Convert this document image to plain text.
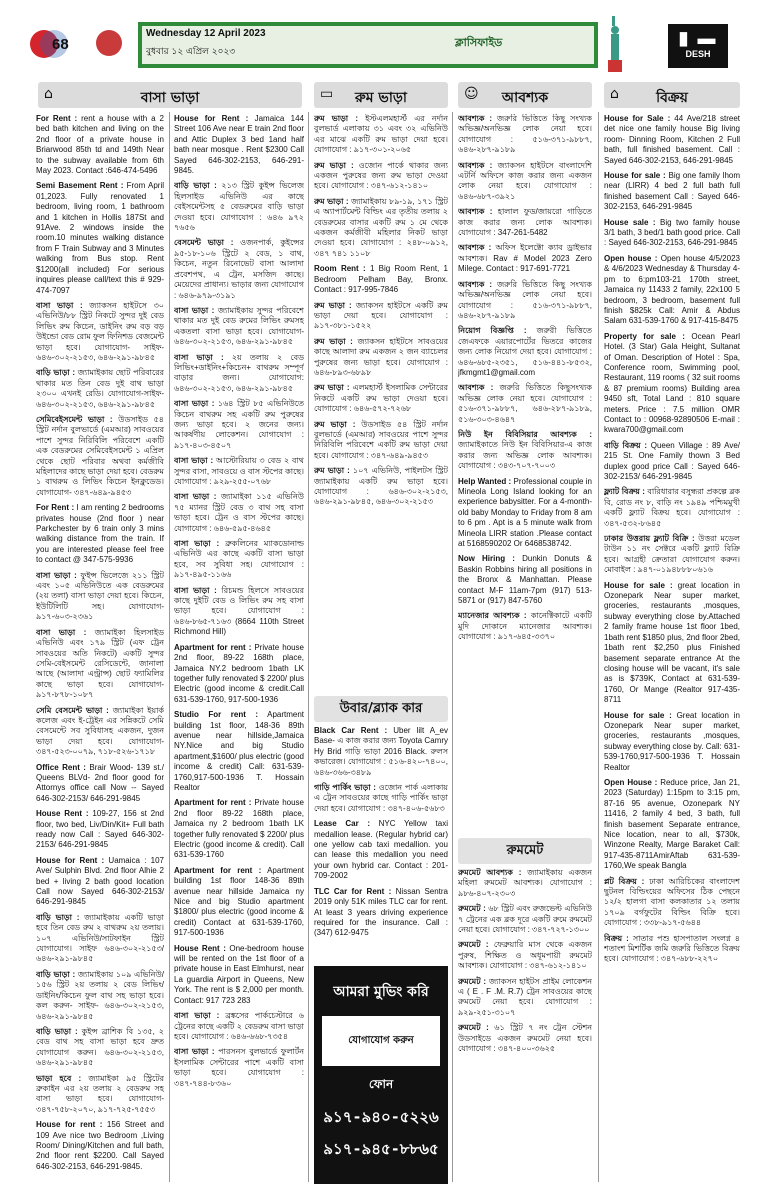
68
Wednesday 12 April 2023
বুধবার ১২ এপ্রিল ২০২৩
ক্লাসিফাইড	▮ ▬
DESH
⌂	বাসা ভাড়া	▭	রুম ভাড়া	☺	আবশ্যক	⌂	বিক্রয়

For Rent : rent a house with a 2 bed bath kitchen and living on the 2nd floor of a private house in Briarwood 85th td and 149th Near to the subway available from 6th May 2023. Contact :646-474-5496

Semi Basement Rent : From April 01,2023. Fully renovated 1 bedroom, living room, 1 bathroom and 1 kitchen in Hollis 187St and 91Ave. 2 windows inside the room.10 minutes walking distance from F Train Subway and 3 Minutes walking from Bus stop. Rent $1200(all included) For serious inquires please call/text this # 929-474-7097

বাসা ভাড়া : জ্যাকসন হাইটসে ৩০ এভিনিউ/৮৮ স্ট্রিট নিকটে সুন্দর দুই বেড লিভিং রুম কিচেন, ডাইনিং রুম বড় বড় উইন্ডো বেড রোম ফুল ফিনিশড বেজমেন্ট ভাড়া হবে। যোগাযোগ- সাইফ- ৬৪৬-৩০২-২১৫৩, ৬৪৬-২৯১-৯৮৪৫

বাড়ি ভাড়া : জ্যামাইকায় ছোট পরিবারের থাকার মত তিন বেড দুই বাথ ভাড়া ২৩০০ এখনই রেডি। যোগাযোগ-সাইফ- ৬৪৬-৩০২-২১৫৩, ৬৪৬-২৯১-৯৮৪৫

সেমিবেইসমেন্ট ভাড়া : উডসাইড ৫৪ স্ট্রিট নর্দান বুলভার্ডে (এমআর) সাবওয়ের পাশে সুন্দর নিরিবিলি পরিবেশে একটি এক বেডরুমের সেমিবেইসমেন্ট ১ এপ্রিল থেকে ছোট পরিবার অথবা কর্মজীবি মহিলাদের কাছে ভাড়া দেয়া হবে। বেডরুম ১ বাথরুম ও লিভিং কিচেন ইনক্লুডেড। যোগাযোগ- ৩৪৭-৬৪৯-৯৪৫৩

For Rent : I am renting 2 bedrooms privates house (2nd floor ) near Parkchester by 6 train only 3 mins walking distance from the train. If you are interested please feel free to contact @ 347-575-9936

বাসা ভাড়া : ফুইন্স ভিলেজে ২১১ স্ট্রিট এবং ১০৫ এভিনিউতে এক বেডরুমের (২য় তলা) বাসা ভাড়া দেয়া হবে। কিচেন, ইউটিলিটি সহ। যোগাযোগ- ৯১৭-৬০৩-২৩৬১

বাসা ভাড়া : জ্যামাইকা হিলসাইড এভিনিউ এবং ১৭৯ স্ট্রিট (এফ ট্রেন সাবওয়ের অতি নিকটে) একটি সুন্দর সেমি-বেইসমেন্ট রেসিডেন্টে, জানালা আছে (আলাদা এন্ট্রান্স) ছোট ফ্যামিলির কাছে ভাড়া হবে। যোগাযোগ- ৯১৭-৮৭৮-১০৮৭

সেমি বেসমেন্ট ভাড়া : জ্যামাইকা ইয়ার্ক কলেজ এবং ই-ট্রেইন এর সন্নিকটে সেমি বেসমেন্টে সব সুবিধাসহ একজন, দুজন ভাড়া দেয়া হবে। যোগাযোগ- ৩৪৭-৫২৩-০০৭৯, ৭১৮-৫২৬-১৭১৮

Office Rent : Brair Wood- 139 st./ Queens BLVd- 2nd floor good for Attornys office call Now -- Sayed 646-302-2153/ 646-291-9845

House Rent : 109-27, 156 st 2nd floor, two bed, Liv/Din/Kit+ Full bath ready now Call : Sayed 646-302-2153/ 646-291-9845

House for Rent : Uamaica : 107 Ave/ Sulphin Blvd. 2nd floor Alhie 2 bed + living 2 bath good location Call now Sayed 646-302-2153/ 646-291-9845

বাড়ি ভাড়া : জ্যামাইকায় একটি ভাড়া হবে তিন বেড রুম ২ বাথরুম ২য় তলায়। ১০৭ এভিনিউ/সাটফাইন স্ট্রিট যোগাযোগ। সাইফ ৬৪৬-৩০২-২১৫৩/ ৬৪৬-২৯১-৯৮৪৫

বাড়ি ভাড়া : জ্যামাইকায় ১০৯ এভিনিউ/১৫৬ স্ট্রিট ২য় তলায় ২ বেড লিভিং/ডাইনিং/কিচেন ফুল বাথ সহ ভাড়া হবে। কল করুন- সাইফ- ৬৪৬-৩০২-২১৫৩, ৬৪৬-২৯১-৯৮৪৫

বাড়ি ভাড়া : কুইন্স ব্রাশিক বি ১৩৫, ২ বেড বাথ সহ বাসা ভাড়া হবে দ্রুত যোগাযোগ করুন। ৬৪৬-৩০২-২১৫৩, ৬৪৬-২৯১-৯৮৪৫

ভাড়া হবে : জ্যামাইকা ৯৫ স্ট্রিটের ব্রুকাইন এর ২য় তলায় ২ বেডরুম সহ বাসা ভাড়া হবে। যোগাযোগ- ৩৪৭-৭৫৮-২০৭০, ৯১৭-৭২৫-৭৫৫৩

House for rent : 156 Street and 109 Ave nice two Bedroom ,Living Room/ Dining/Kitchen and full bath, 2nd floor rent $2200. Call Sayed 646-302-2153, 646-291-9845.

House for Rent : Jamaica 144 Street 106 Ave near E train 2nd floor and Attic Duplex 3 bed 1and half bath near mosque . Rent $2300 Call Sayed 646-302-2153, 646-291-9845.

বাড়ি ভাড়া : ২১৩ স্ট্রিট কুইন্স ভিলেজ হিলসাইড এভিনিউ এর কাছে বেইসমেন্টসহ ৫ বেডরুমের বাড়ি ভাড়া দেওয়া হবে। যোগাযোগ : ৬৪৬ ৯৭২ ৭৬৫৬

বেসমেন্ট ভাড়া : ওজনপার্ক, কুইন্সের ৯৫-১৮-১০৬ স্ট্রিটে ২ বেড, ১ বাথ, কিচেন, নতুন রিনোভেট বাসা আলাদা প্রবেশপথ, এ ট্রেন, মসজিদ কাছে। মেয়েদের প্রাধান্য। ভাড়ার জন্য যোগাযোগ : ৬৪৬-৯৭৯-৩১৯১

বাসা ভাড়া : জ্যামাইকায় সুন্দর পরিবেশে থাকার মত দুই বেড রুমের লিভিং রুমসহ একতলা বাসা ভাড়া হবে। যোগাযোগ- ৬৪৬-৩০২-২১৫৩, ৬৪৬-২৯১-৯৮৪৫

বাসা ভাড়া : ২য় তলায় ২ বেড লিভিং+ডাইনিং+কিচেন+ বাথরুম সম্পূর্ণ বাড়ার জন্য। যোগাযোগ: ৬৪৬-৩০২-২১৫৩, ৬৪৬-২৯১-৯৮৪৫

বাসা ভাড়া : ১৬৪ স্ট্রিট ৮৫ এভিনিউতে কিচেন বাথরুম সহ একটি রুম পুরুষের জন্য ভাড়া হবে। ২ জনের জন্য। আকর্ষণীয় লোকেশন। যোগাযোগ : ৯১৭-৪০৩-৪৫০৭

বাসা ভাড়া : আস্টোরিয়ায় ৩ বেড ২ বাথ সুন্দর বাসা, সাবওয়ে ও বাস স্টপের কাছে। যোগাযোগ : ৯২৯-২৫৫-০৭৬৮

বাসা ভাড়া : জ্যামাইকা ১১৫ এভিনিউ ৭৫ ম্যানর স্ট্রিট বেড ৩ বাথ সহ বাসা ভাড়া হবে। ট্রেন ও বাস স্টপের কাছে। যোগাযোগ : ৬৪৬-৫৯৫-৪৬৪৫

বাসা ভাড়া : ব্রুকলিনের ম্যাকডোনাল্ড এভিনিউ এর কাছে একটি বাসা ভাড়া হবে, সব সুবিধা সহ। যোগাযোগ : ৯১৭-৪৯৫-১১৬৬

বাসা ভাড়া : রিচমন্ড হিলসে সাবওয়ের কাছে দুইটি বেড ও লিভিং রুম সহ বাসা ভাড়া হবে। যোগাযোগ : ৬৪৬-৮৬৫-৭১৬৩ (8664 110th Street Richmond Hill)

Apartment for rent : Private house 2nd floor, 89-22 168th place, Jamaica NY.2 bedroom 1bath LK together fully renovated $ 2200/ plus Electric (good income & credit.Call 631-539-1760, 917-500-1936

Studio For rent : Apartment building 1st floor, 148-36 89th avenue near hillside,Jamaica NY.Nice and big Studio apartment,$1600/ plus electric (good income & credit) Call: 631-539-1760,917-500-1936 T. Hossain Realtor

Apartment for rent : Private house 2nd floor 89-22 168th place, Jamaica ny 2 bedroom 1bath LK together fully renovated $ 2200/ plus Electric (good income & credit). Call 631-539-1760

Apartment for rent : Apartment building 1st floor 148-36 89th avenue near hillside Jamaica ny Nice and big Studio apartment $1800/ plus electric (good income & credit) Contact at 631-539-1760, 917-500-1936

House Rent : One-bedroom house will be rented on the 1st floor of a private house in East Elmhurst, near La guardia Airport in Queens, New York. The rent is $ 2,000 per month. Contact: 917 723 283

বাসা ভাড়া : ব্রঙ্কসের পার্কচেস্টারে ৬ ট্রেনের কাছে একটি ২ বেডরুম বাসা ভাড়া হবে। যোগাযোগ : ৬৪৬-৬৬৮-৭৩৫৪

বাসা ভাড়া : পারসনস বুলভার্ডে ফুলার্টন ইসলামিক সেন্টারের পাশে একটি বাসা ভাড়া হবে। যোগাযোগ : ৩৪৭-৭৪৪-৮৩৬০

রুম ভাড়া : ইস্টএলমহার্স্ট এর নর্দান বুলভার্ড এলাকায় ৩১ এবং ৩২ এভিনিউ এর মাঝে একটি রুম ভাড়া দেয়া হবে। যোগাযোগ : ৯১৭-৩০১-২০৬৫

রুম ভাড়া : ওজোন পার্কে থাকার জন্য একজন পুরুষের জন্য রুম ভাড়া দেওয়া হবে। যোগাযোগ : ৩৪৭-৬১২-১৪১০

রুম ভাড়া : জ্যামাইকায় ৮৯-১৯, ১৭১ স্ট্রিট এ অ্যাপার্টমেন্ট বিল্ডিং এর তৃতীয় তলায় ২ বেডরুমের বাসার একটি রুম ১ মে থেকে একজন কর্মজীবী মহিলার নিকট ভাড়া দেওয়া হবে। যোগাযোগ : ২৪৮-০৯১২, ৩৪৭ ৭৪১ ১১০৮

Room Rent : 1 Big Room Rent, 1 Bedroom Pelham Bay, Bronx. Contact : 917-995-7846

রুম ভাড়া : জ্যাকসন হাইটসে একটি রুম ভাড়া দেয়া হবে। যোগাযোগ : ৯১৭-৩৮১-১৫২২

রুম ভাড়া : জ্যাকসন হাইটসে সাবওয়ের কাছে আলাদা রুম একজন ২ জন ব্যাচেলর পুরুষের জন্য ভাড়া হবে। যোগাযোগ : ৬৪৬-৮৯৩-৬৮৯৮

রুম ভাড়া : এলমহার্স্ট ইসলামিক সেন্টারের নিকটে একটি রুম ভাড়া দেওয়া হবে। যোগাযোগ : ৬৪৬-৫৭২-৭২৬৮

রুম ভাড়া : উডসাইড ৫৪ স্ট্রিট নর্দান বুলভার্ডে (এমআর) সাবওয়ের পাশে সুন্দর নিরিবিলি পরিবেশে একটি রুম ভাড়া দেয়া হবে। যোগাযোগ : ৩৪৭-৬৪৯-৯৪৫৩

রুম ভাড়া : ১০৭ এভিনিউ, পাইলটস স্ট্রিট জ্যামাইকায় একটি রুম ভাড়া হবে। যোগাযোগ : ৬৪৬-৩০২-২১৫৩, ৬৪৬-২৯১-৯৮৪৫, ৬৪৬-৩০২-২১৫৩

উবার/ব্ল্যাক কার

Black Car Rent : Uber lilt A_ev Base- এ কাজ করার জন্য Toyota Camry Hy Brid গাড়ি ভাড়া 2016 Black. রুলস কভারেজ। যোগাযোগ : ৫১৬-৪২০-৭৪০০, ৬৪৬-৩৬৬-৩৪৮৯

গাড়ি পার্কিং ভাড়া : ওজোন পার্ক এলাকায় এ ট্রেন সাবওয়ের কাছে গাড়ি পার্কিং ভাড়া দেয়া হবে। যোগাযোগ : ৩৪৭-৪০৬-৫৬৮৩

Lease Car : NYC Yellow taxi medallion lease. (Regular hybrid car) one yellow cab taxi medallion. you can lease this medallion you need your own hybrid car. Contact : 201-709-2002

TLC Car for Rent : Nissan Sentra 2019 only 51K miles TLC car for rent. At least 3 years driving experience required for the insurance. Call : (347) 612-9475

আমরা মুভিং করি
যোগাযোগ করুন
ফোন
৯১৭-৯৪০-৫২২৬
৯১৭-৯৪৫-৮৮৬৫

আবশ্যক : জরুরি ভিত্তিতে কিছু সংখ্যক অভিজ্ঞ/অনভিজ্ঞ লোক নেয়া হবে। যোগাযোগ : ৫১৬-৩৭১-৯৮৮৭, ৬৪৬-২৮৭-৯১৮৯

আবশ্যক : জ্যাকসন হাইটসে বাংলাদেশি এটর্নি অফিসে কাজ করার জন্য একজন লোক নেয়া হবে। যোগাযোগ : ৬৪৬-৬৮৭-৩৯২১

আবশ্যক : হালাল ফুড/জায়রো গাড়িতে কাজ করার জন্য লোক আবশ্যক। যোগাযোগ : 347-261-5482

আবশ্যক : অফিস ইলেক্টো ক্যাব ড্রাইভার আবশ্যক। Rav # Model 2023 Zero Milege. Contact : 917-691-7721

আবশ্যক : জরুরি ভিত্তিতে কিছু সংখ্যক অভিজ্ঞ/অনভিজ্ঞ লোক নেয়া হবে। যোগাযোগ : ৫১৬-৩৭১-৯৮৮৭, ৬৪৬-২৮৭-৯১৮৯

নিয়োগ বিজ্ঞপ্তি : জরুরী ভিত্তিতে জেএফকে এয়ারপোর্টের ভিতরে কাজের জন্য লোক নিয়োগ দেয়া হবে। যোগাযোগ : ৬৪৬-৬৮৫-২৩৫১, ৫১৬-৪৪১-৮৫৩২, jfkmgmt1@gmail.com

আবশ্যক : জরুরি ভিত্তিতে কিছুসংখ্যক অভিজ্ঞ লোক নেয়া হবে। যোগাযোগ : ৫১৬-৩৭১-৯৮৮৭, ৬৪৬-২৮৭-৯১৮৯, ৫১৬-৩০৩-৪৬৪৭

নিউ ইন বিবিসিয়ার আবশ্যক : জ্যামাইকাতে নিউ ইন বিবিসিয়ার-এ কাজ করার জন্য অভিজ্ঞ লোক আবশ্যক। যোগাযোগ : ৩৪৩-৭০৭-৭০০৩

Help Wanted : Professional couple in Mineola Long Island looking for an experience babysitter. For a 4-month-old baby Monday to Friday from 8 am to 6 pm . Apt is a 5 minute walk from Mineola LIRR station .Please contact at 5168590202 Or 6468538742.

Now Hiring : Dunkin Donuts & Baskin Robbins hiring all positions in the Bronx & Manhattan. Please contact M-F 11am-7pm (917) 513-5871 or (917) 847-5760

ম্যানেজার আবশ্যক : কানেক্টিকাটে একটি মুদি দোকানে ম্যানেজার আবশ্যক। যোগাযোগ : ৯১৭-৬৪৫-৩৩৭০

রুমমেট

রুমমেট আবশ্যক : জ্যামাইকায় একজন মহিলা রুমমেট আবশ্যক। যোগাযোগ : ৯৮৬-৪০৭-২৩০৩

রুমমেট : ৬৮ স্ট্রিট এবং রুজভেল্ট এভিনিউ ৭ ট্রেনের এক ব্লক দূরে একটি রুমে রুমমেট নেয়া হবে। যোগাযোগ : ৩৪৭-৭২৭-১৩০০

রুমমেট : ফেব্রুয়ারি মাস থেকে একজন পুরুষ, শিক্ষিত ও অধূমপায়ী রুমমেট আবশ্যক। যোগাযোগ : ৩৪৭-৬১২-১৪১০

রুমমেট : জ্যাকসন হাইটস প্রাইম লোকেশন এ ( E . F .M. R.7) ট্রেন সাবওয়ের কাছে রুমমেট নেয়া হবে। যোগাযোগ : ৯২৯-২৫১-৩১০৭

রুমমেট : ৬১ স্ট্রিট ৭ নং ট্রেন স্টেশন উডসাইডে একজন রুমমেট নেয়া হবে। যোগাযোগ : ৩৪৭-৪০০-৩৬২৫

House for Sale : 44 Ave/218 street det nice one family house Big living room- Dinning Room, Kitchen 2 Full bath, full finished basement. Call : Sayed 646-302-2153, 646-291-9845

House for sale : Big one family lhom near (LIRR) 4 bed 2 full bath full finished basement Call : Sayed 646-302-2153, 646-291-9845

House sale : Big two family house 3/1 bath, 3 bed/1 bath good price. Call : Sayed 646-302-2153, 646-291-9845

Open house : Open house 4/5/2023 & 4/6/2023 Wednesday & Thursday 4-pm to 6:pm103-21 170th street, Jamaica ny 11433 2 family, 22x100 5 bedroom, 3 bedroom, basement full finish $825k Call: Amir & Abdus Salam 631-539-1760 & 917-415-8475

Property for sale : Ocean Pearl Hotel. (3 Star) Gala Height, Sultanat of Oman. Description of Hotel : Spa, Conference room, Swimming pool, Restaurant, 119 rooms ( 32 suit rooms & 87 premium rooms) Building area 9450 sft, Total Land : 810 square meters. Price : 7.5 million OMR Contact to : 00968-92890506 E-mail : kwara700@gmail.com

বাড়ি বিক্রয় : Queen Village : 89 Ave/ 215 St. One Family thown 3 Bed duplex good price Call : Sayed 646-302-2153/ 646-291-9845

ফ্ল্যাট বিক্রয় : বারিধারার বসুন্ধরা প্রকল্পে ব্লক বি, রোড নং ৮, বাড়ি নং ১৯৪৯ পশ্চিমমুখী একটি ফ্ল্যাট বিক্রয় হবে। যোগাযোগ : ৩৪৭-৫৩২-৮৬৪৫

ঢাকার উত্তরায় ফ্ল্যাট বিক্রি : উত্তরা মডেল টাউন ১১ নং সেক্টরে একটি ফ্ল্যাট বিক্রি হবে। আগ্রহী ক্রেতারা যোগাযোগ করুন। মোবাইল : ৯৪৭-০১৯৪৮৮৮০৬১৬

House for sale : great location in Ozonepark Near super market, groceries, restaurants ,mosques, subway everything close by.Attached 2 family frame house 1st floor 1bed, 1bath rent $1850 plus, 2nd floor 2bed, 1bath rent $2,250 plus Finished basement separate entrance At the closing house will be vacant, it's sale as is $739K, Contact at 631-539-1760, Or Mange (Realtor 917-435-8711

House for sale : Great location in Ozonepark Near super market, groceries, restaurants ,mosques, subway everything close by. Call: 631-539-1760,917-500-1936 T. Hossain Realtor

Open House : Reduce price, Jan 21, 2023 (Saturday) 1:15pm to 3:15 pm, 87-16 95 avenue, Ozonepark NY 11416, 2 family 4 bed, 3 bath, full finish basement Separate entrance, Nice location, near to all, $730k, Winzone Realty, Marge Baraket Call: 917-435-8711AmirAftab 631-539-1760,We speak Bangla

প্লট বিক্রয় : ঢাকা আরিচিকের বাংলাদেশ ছুটনল বিল্ডিংয়ের অফিসের ঠিক পেছনে ১২/২ হালগা বাসা কলকাতার ১২ তলায় ১৭০৯ বর্গফুটের বিল্ডিং বিক্রি হবে। যোগাযোগ : ৩৩৮-৯১৭-৫৬৪৪

বিক্রয় : সাতার পশু হাসপাতাল সংলগ্ন ৪ শতাংশ মিশর্টিক জমি জরুরি ভিত্তিতে বিক্রয় হবে। যোগাযোগ : ৩৪৭-৬৮৮-২২৭০
